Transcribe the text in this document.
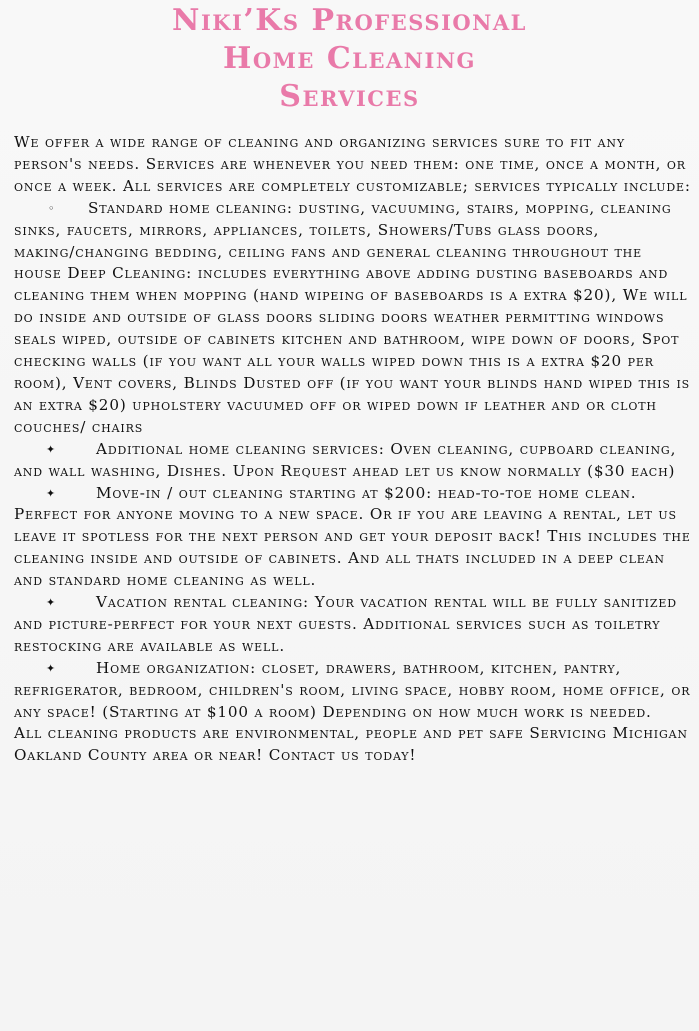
Niki’Ks Professional
Home Cleaning
Services

We offer a wide range of cleaning and organizing services sure to fit any person's needs. Services are whenever you need them: one time, once a month, or once a week. All services are completely customizable; services typically include:

◦ Standard home cleaning: dusting, vacuuming, stairs, mopping, cleaning sinks, faucets, mirrors, appliances, toilets, Showers/Tubs glass doors, making/changing bedding, ceiling fans and general cleaning throughout the house Deep Cleaning: includes everything above adding dusting baseboards and cleaning them when mopping (hand wipeing of baseboards is a extra $20), We will do inside and outside of glass doors sliding doors weather permitting windows seals wiped, outside of cabinets kitchen and bathroom, wipe down of doors, Spot checking walls (if you want all your walls wiped down this is a extra $20 per room), Vent covers, Blinds Dusted off (if you want your blinds hand wiped this is an extra $20) upholstery vacuumed off or wiped down if leather and or cloth couches/ chairs

✦	Additional home cleaning services: Oven cleaning, cupboard cleaning, and wall washing, Dishes. Upon Request ahead let us know normally ($30 each)

✦	Move-in / out cleaning starting at $200: head-to-toe home clean. Perfect for anyone moving to a new space. Or if you are leaving a rental, let us leave it spotless for the next person and get your deposit back! This includes the cleaning inside and outside of cabinets. And all thats included in a deep clean and standard home cleaning as well.

✦	Vacation rental cleaning: Your vacation rental will be fully sanitized and picture-perfect for your next guests. Additional services such as toiletry restocking are available as well.

✦	Home organization: closet, drawers, bathroom, kitchen, pantry, refrigerator, bedroom, children's room, living space, hobby room, home office, or any space! (Starting at $100 a room) Depending on how much work is needed.

All cleaning products are environmental, people and pet safe Servicing Michigan Oakland County area or near! Contact us today!
